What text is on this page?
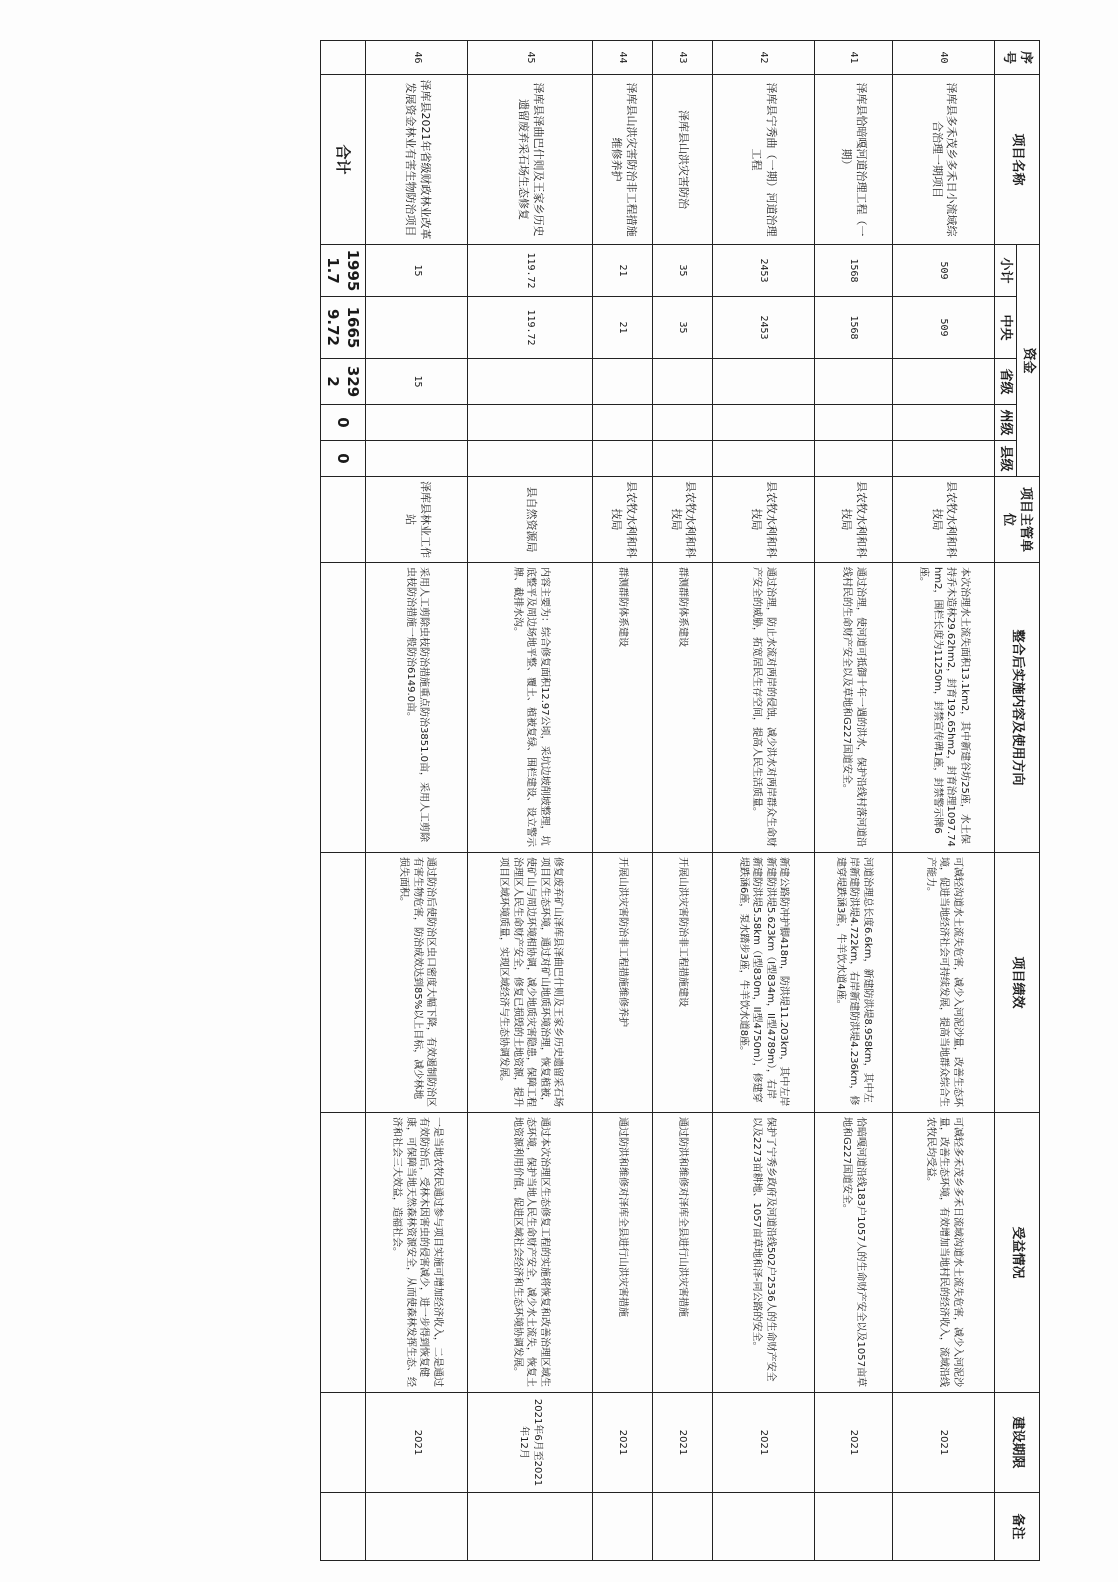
序号	项目名称	资金					项目主管单位	整合后实施内容及使用方向	项目绩效	受益情况	建设期限	备注
		小计	中央	省级	州级	县级						
40	泽库县多禾茂乡多禾日小流域综合治理一期项目	509	509				县农牧水利和科技局	本次治理水土流失面积13.1km2，其中新建谷坊25座，水土保持乔木造林29.62hm2，封育192.65hm2，封育治理1097.74hm2，围栏长度为11250m，封禁宣传碑1座，封禁警示牌6座。	可减轻沟道水土流失危害，减少入河泥沙量，改善生态环境，促进当地经济社会可持续发展，提高当地群众综合生产能力。	可减轻多禾茂乡多禾日流域沟道水土流失危害，减少入河泥沙量，改善生态环境，有效增加当地村民的经济收入，流域沿线农牧民均受益。	2021	
41	泽库县恰暗嘎河道治理工程（一期）	1568	1568				县农牧水利和科技局	通过治理，使河道可抵御十年一遇的洪水，保护沿线村落河道沿线村民的生命财产安全以及草地和G227国道安全。	河道治理总长度6.6km，新建防洪堤8.958km，其中左岸新建防洪堤4.722km，右岸新建防洪堤4.236km，修建穿堤跌涵3座，牛羊饮水道4座。	恰暗嘎河道沿线183户1057人的生命财产安全以及1057亩草地和G227国道安全。	2021	
42	泽库县宁秀曲（一期）河道治理工程	2453	2453				县农牧水利和科技局	通过治理，防止水流对两岸的侵蚀，减少洪水对两岸群众生命财产安全的威胁，拓宽居民生存空间，提高人民生活质量。	新建公路防冲护脚418m，防洪堤11.203km，其中左岸新建防洪堤5.623km（I型834m，II型4789m），右岸新建防洪堤5.58km（I型830m，II型4750m），修建穿堤跌涵6座，泵水踏步3座，牛羊饮水道8座。	保护了宁秀乡政府及河道沿线502户2536人的生命财产安全以及2273亩耕地、1057亩草地和泽-同公路的安全。	2021	
43	泽库县山洪灾害防治	35	35				县农牧水利和科技局	群测群防体系建设	开展山洪灾害防治非工程措施建设	通过防洪和维修对泽库全县进行山洪灾害措施	2021	
44	泽库县山洪灾害防治非工程措施维修养护	21	21				县农牧水利和科技局	群测群防体系建设	开展山洪灾害防治非工程措施维修养护	通过防洪和维修对泽库全县进行山洪灾害措施	2021	
45	泽库县泽曲巴什则及王家乡历史遗留废弃采石场生态修复	119.72	119.72				县自然资源局	内容主要为：综合修复面积12.97公顷，采坑边坡削坡整理，坑底整平及周边场地平整、覆土、植被复绿、围栏建设、设立警示牌、截排水沟。	修复废弃矿山泽库县泽曲巴什则及王家乡历史遗留采石场项目区生态环境，通过对矿山地质环境治理，恢复植被，使矿山与周边环境相协调，减少地质灾害隐患，保障工程治理区人民生命财产安全，修复已损毁的土地资源，提升项目区域环境质量，实现区域经济与生态协调发展。	通过本次治理区生态修复工程的实施将恢复和改善治理区域生态环境，保护当地人民生命财产安全，减少水土流失，恢复土地资源利用价值，促进区域社会经济和生态环境协调发展。	2021年6月至2021年12月	
46	泽库县2021年省级财政林业改革发展资金林业有害生物防治项目	15		15			泽库县林业工作站	采用人工剪除虫枝防治措施重点防治3851.0亩，采用人工剪除虫枝防治措施一般防治6149.0亩。	通过防治后使防治区虫口密度大幅下降，有效遏制防治区有害生物危害，防治成效达到85%以上目标，减少林地损失面积。	一是当地农牧民通过参与项目实施可增加经济收入，二是通过有效防治后，受林木因害虫的侵害减少，进一步得到恢复健康，可保障当地天然森林资源安全，从而使森林发挥生态、经济和社会三大效益，造福社会。	2021	
	合计	19951.7	16659.72	3292	0	0						
